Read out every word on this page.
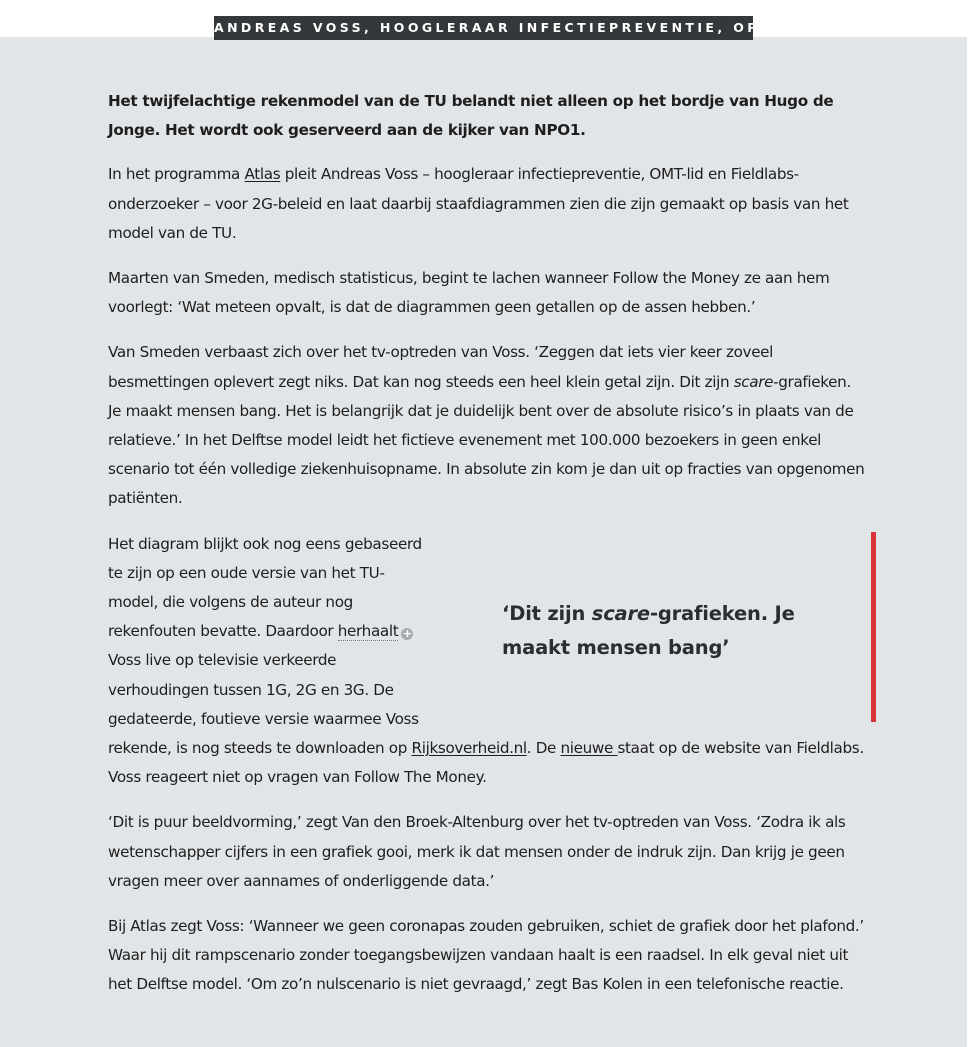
ANDREAS VOSS, HOOGLERAAR INFECTIEPREVENTIE, OP TV

Het twijfelachtige rekenmodel van de TU belandt niet alleen op het bordje van Hugo de Jonge. Het wordt ook geserveerd aan de kijker van NPO1.

In het programma Atlas pleit Andreas Voss – hoogleraar infectiepreventie, OMT-lid en Fieldlabs-onderzoeker – voor 2G-beleid en laat daarbij staafdiagrammen zien die zijn gemaakt op basis van het model van de TU.

Maarten van Smeden, medisch statisticus, begint te lachen wanneer Follow the Money ze aan hem voorlegt: ‘Wat meteen opvalt, is dat de diagrammen geen getallen op de assen hebben.’

Van Smeden verbaast zich over het tv-optreden van Voss. ‘Zeggen dat iets vier keer zoveel besmettingen oplevert zegt niks. Dat kan nog steeds een heel klein getal zijn. Dit zijn scare-grafieken. Je maakt mensen bang. Het is belangrijk dat je duidelijk bent over de absolute risico’s in plaats van de relatieve.’ In het Delftse model leidt het fictieve evenement met 100.000 bezoekers in geen enkel scenario tot één volledige ziekenhuisopname. In absolute zin kom je dan uit op fracties van opgenomen patiënten.

‘Dit zijn scare-grafieken. Je maakt mensen bang’

Het diagram blijkt ook nog eens gebaseerd te zijn op een oude versie van het TU-model, die volgens de auteur nog rekenfouten bevatte. Daardoor herhaalt + Voss live op televisie verkeerde verhoudingen tussen 1G, 2G en 3G. De gedateerde, foutieve versie waarmee Voss rekende, is nog steeds te downloaden op Rijksoverheid.nl. De nieuwe staat op de website van Fieldlabs. Voss reageert niet op vragen van Follow The Money.

‘Dit is puur beeldvorming,’ zegt Van den Broek-Altenburg over het tv-optreden van Voss. ‘Zodra ik als wetenschapper cijfers in een grafiek gooi, merk ik dat mensen onder de indruk zijn. Dan krijg je geen vragen meer over aannames of onderliggende data.’

Bij Atlas zegt Voss: ‘Wanneer we geen coronapas zouden gebruiken, schiet de grafiek door het plafond.’ Waar hij dit rampscenario zonder toegangsbewijzen vandaan haalt is een raadsel. In elk geval niet uit het Delftse model. ‘Om zo’n nulscenario is niet gevraagd,’ zegt Bas Kolen in een telefonische reactie.
